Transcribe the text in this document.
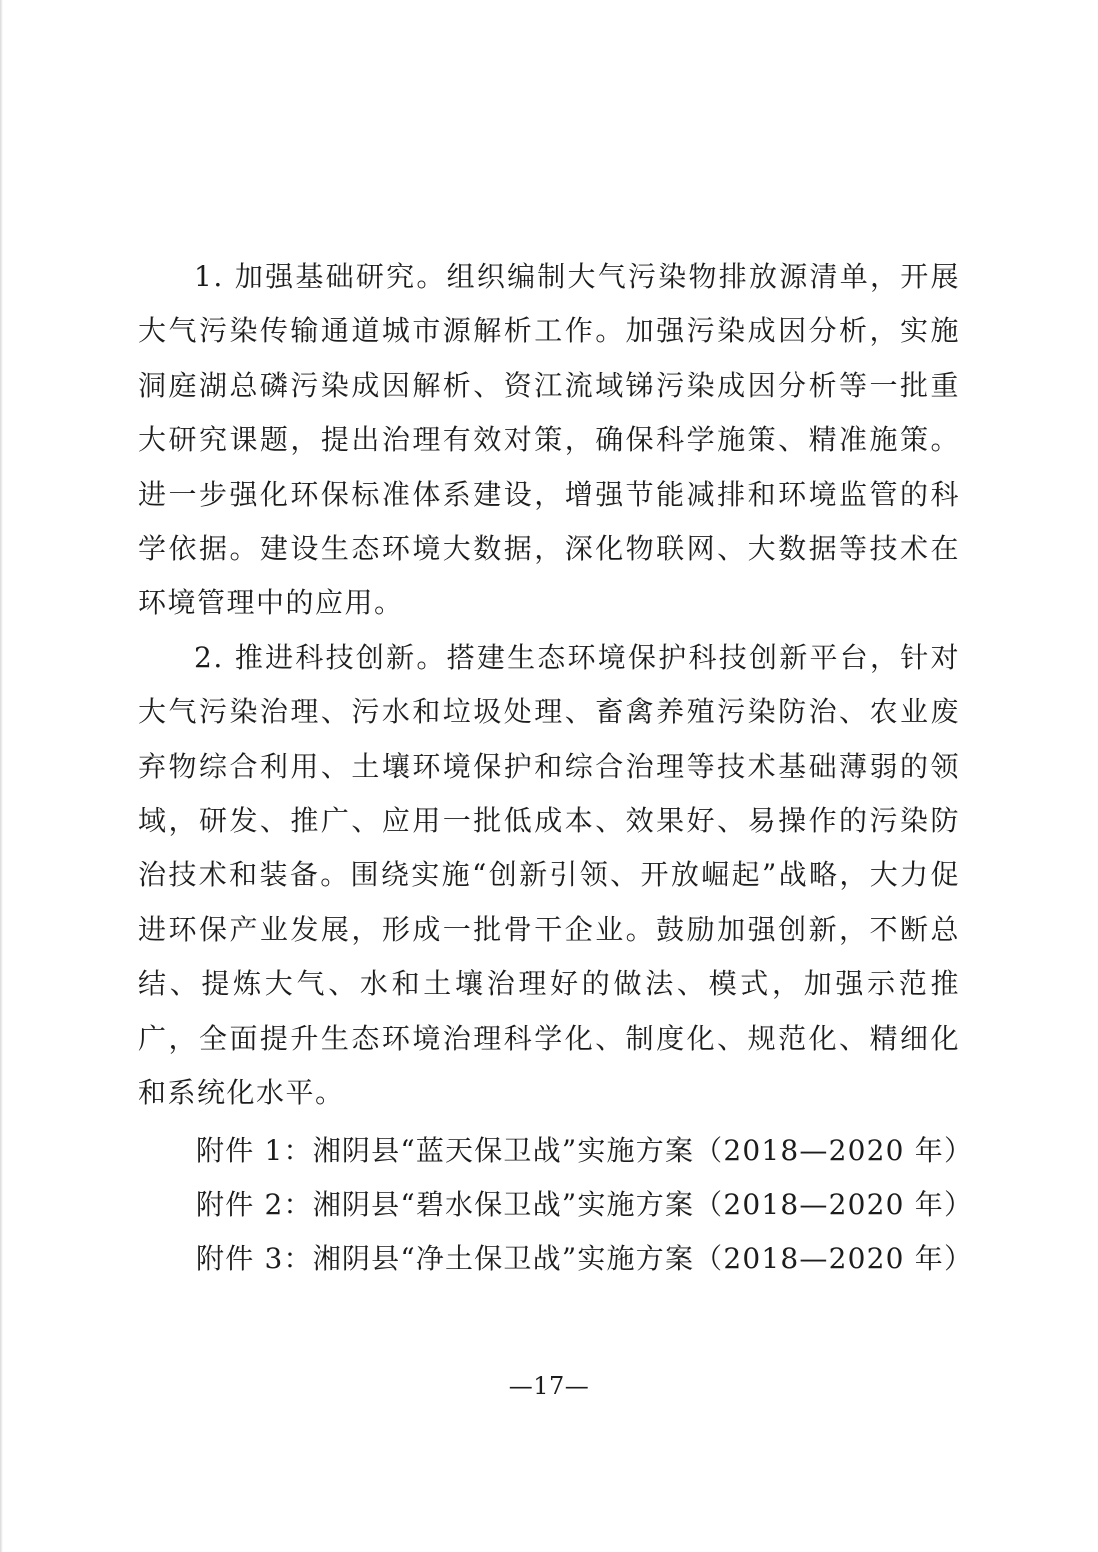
1. 加强基础研究。组织编制大气污染物排放源清单，开展大气污染传输通道城市源解析工作。加强污染成因分析，实施洞庭湖总磷污染成因解析、资江流域锑污染成因分析等一批重大研究课题，提出治理有效对策，确保科学施策、精准施策。进一步强化环保标准体系建设，增强节能减排和环境监管的科学依据。建设生态环境大数据，深化物联网、大数据等技术在环境管理中的应用。

2. 推进科技创新。搭建生态环境保护科技创新平台，针对大气污染治理、污水和垃圾处理、畜禽养殖污染防治、农业废弃物综合利用、土壤环境保护和综合治理等技术基础薄弱的领域，研发、推广、应用一批低成本、效果好、易操作的污染防治技术和装备。围绕实施“创新引领、开放崛起”战略，大力促进环保产业发展，形成一批骨干企业。鼓励加强创新，不断总结、提炼大气、水和土壤治理好的做法、模式，加强示范推广，全面提升生态环境治理科学化、制度化、规范化、精细化和系统化水平。

附件 1：湘阴县“蓝天保卫战”实施方案（2018—2020 年）
附件 2：湘阴县“碧水保卫战”实施方案（2018—2020 年）
附件 3：湘阴县“净土保卫战”实施方案（2018—2020 年）
—17—
